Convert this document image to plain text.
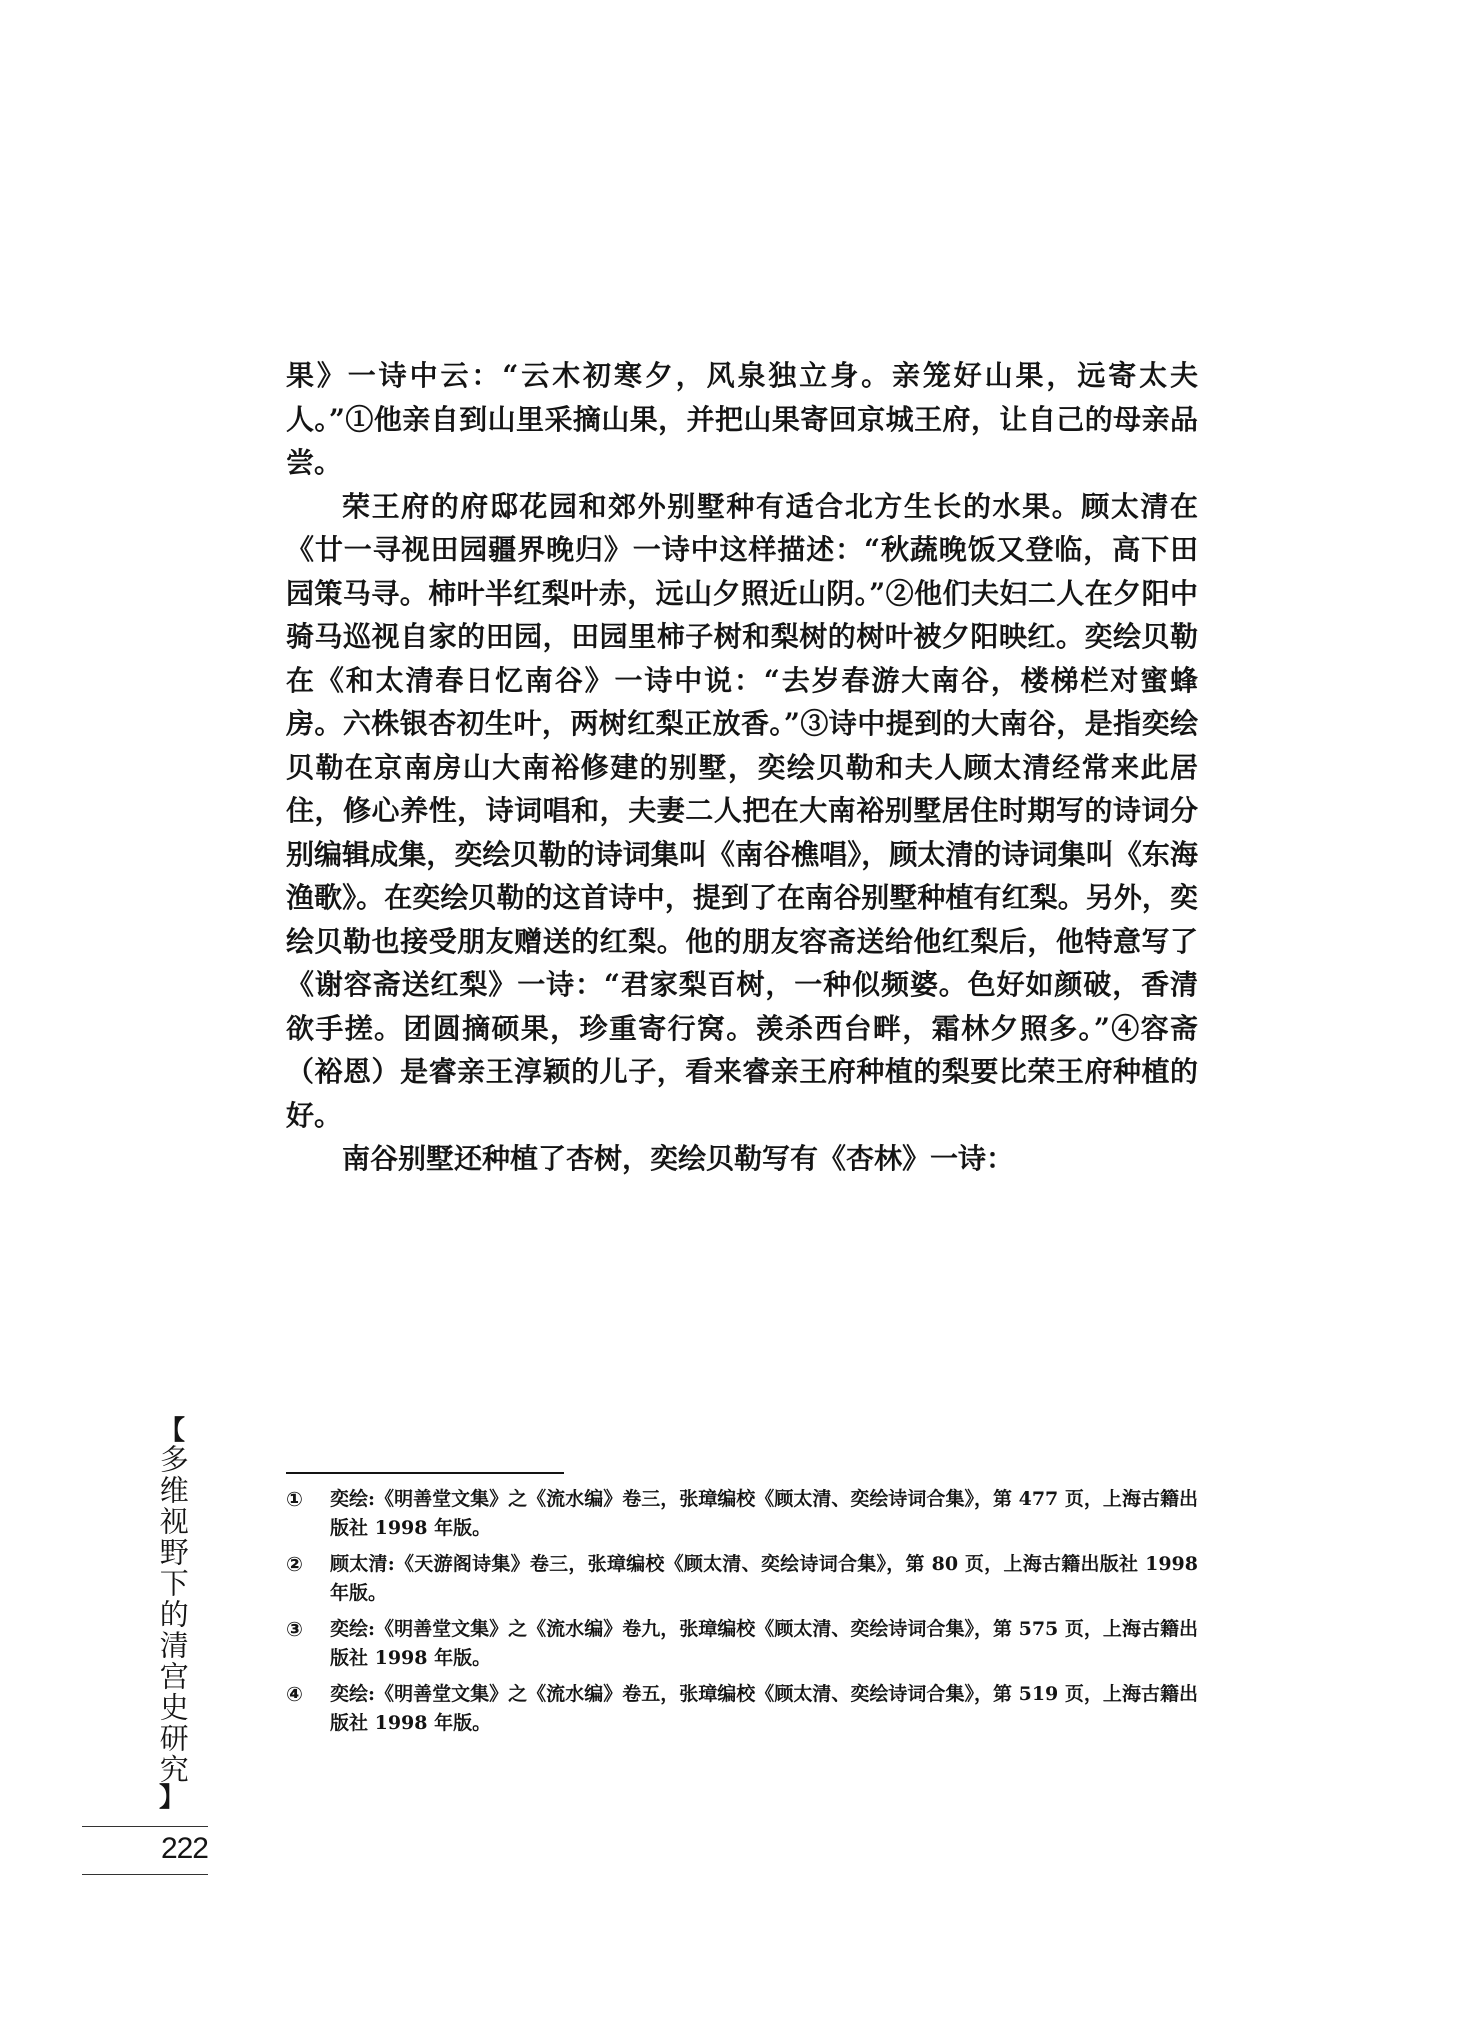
果》一诗中云：“云木初寒夕，风泉独立身。亲笼好山果，远寄太夫人。”①他亲自到山里采摘山果，并把山果寄回京城王府，让自己的母亲品尝。

荣王府的府邸花园和郊外别墅种有适合北方生长的水果。顾太清在《廿一寻视田园疆界晚归》一诗中这样描述：“秋蔬晚饭又登临，高下田园策马寻。柿叶半红梨叶赤，远山夕照近山阴。”②他们夫妇二人在夕阳中骑马巡视自家的田园，田园里柿子树和梨树的树叶被夕阳映红。奕绘贝勒在《和太清春日忆南谷》一诗中说：“去岁春游大南谷，楼梯栏对蜜蜂房。六株银杏初生叶，两树红梨正放香。”③诗中提到的大南谷，是指奕绘贝勒在京南房山大南裕修建的别墅，奕绘贝勒和夫人顾太清经常来此居住，修心养性，诗词唱和，夫妻二人把在大南裕别墅居住时期写的诗词分别编辑成集，奕绘贝勒的诗词集叫《南谷樵唱》，顾太清的诗词集叫《东海渔歌》。在奕绘贝勒的这首诗中，提到了在南谷别墅种植有红梨。另外，奕绘贝勒也接受朋友赠送的红梨。他的朋友容斋送给他红梨后，他特意写了《谢容斋送红梨》一诗：“君家梨百树，一种似频婆。色好如颜破，香清欲手搓。团圆摘硕果，珍重寄行窝。羡杀西台畔，霜林夕照多。”④容斋（裕恩）是睿亲王淳颖的儿子，看来睿亲王府种植的梨要比荣王府种植的好。

南谷别墅还种植了杏树，奕绘贝勒写有《杏林》一诗：

①	奕绘:《明善堂文集》之《流水编》卷三，张璋编校《顾太清、奕绘诗词合集》，第 477 页，上海古籍出版社 1998 年版。
②	顾太清:《天游阁诗集》卷三，张璋编校《顾太清、奕绘诗词合集》，第 80 页，上海古籍出版社 1998 年版。
③	奕绘:《明善堂文集》之《流水编》卷九，张璋编校《顾太清、奕绘诗词合集》，第 575 页，上海古籍出版社 1998 年版。
④	奕绘:《明善堂文集》之《流水编》卷五，张璋编校《顾太清、奕绘诗词合集》，第 519 页，上海古籍出版社 1998 年版。
【
多维视野下的清宫史研究
】
222
